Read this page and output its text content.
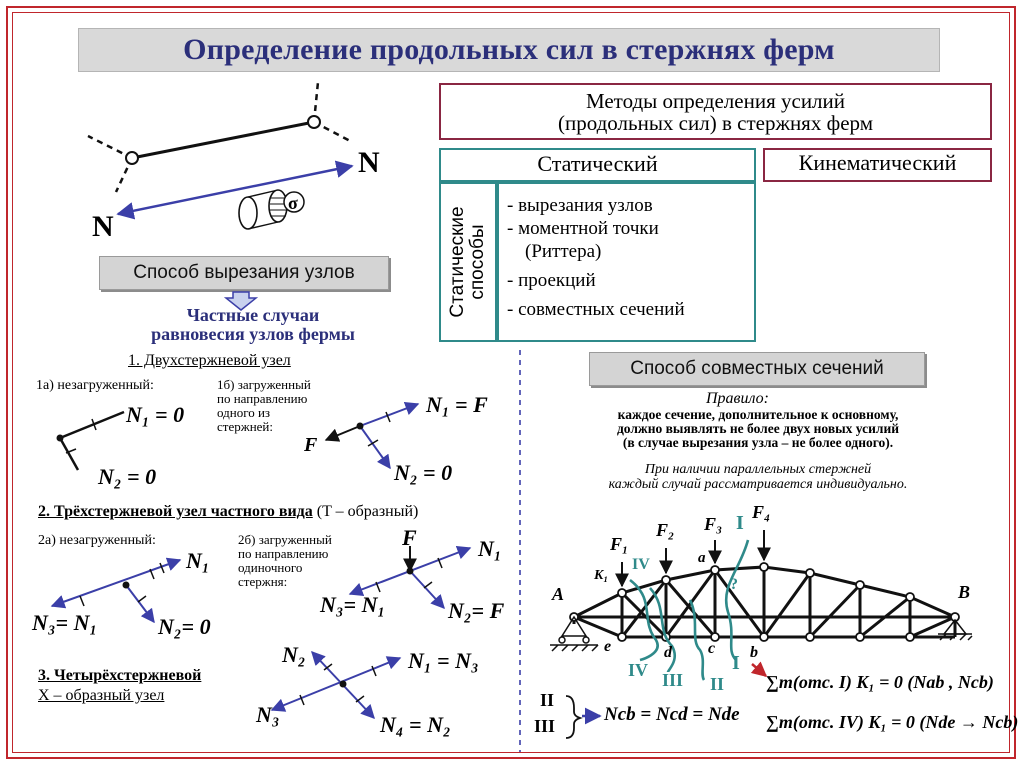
Определение продольных сил в стержнях ферм
Методы определения усилий
(продольных сил) в стержнях ферм
Статический	Кинематический
Статические способы
- вырезания узлов
- моментной точки
(Риттера)
- проекций
- совместных сечений
Способ вырезания узлов
Способ совместных сечений
N
N
σ
Частные случаи
равновесия узлов фермы
1. Двухстержневой узел
1а) незагруженный:	1б) загруженный
по направлению
одного из
стержней:
N₁ = 0
N₂ = 0
N₁ = F
N₂ = 0
F
2. Трёхстержневой узел частного вида (T – образный)
2а) незагруженный:	2б) загруженный
по направлению
одиночного
стержня:
N₁
N₃= N₁	N₂= 0
F	N₁
N₃= N₁	N₂= F
3. Четырёхстержневой
X – образный узел
N₂	N₁ = N₃
N₃	N₄ = N₂
Правило:
каждое сечение, дополнительное к основному,
должно выявлять не более двух новых усилий
(в случае вырезания узла – не более одного).
При наличии параллельных стержней
каждый случай рассматривается индивидуально.
A	B
a
b
c
d
e
K₁
F₁
F₂ F₃
F₄
?
I
IV
I
II
III
IV
II
III
Ncb = Ncd = Nde
∑m(отс. I) K₁ = 0 (Nab , Ncb)
∑m(отс. IV) K₁ = 0 (Nde → Ncb)
